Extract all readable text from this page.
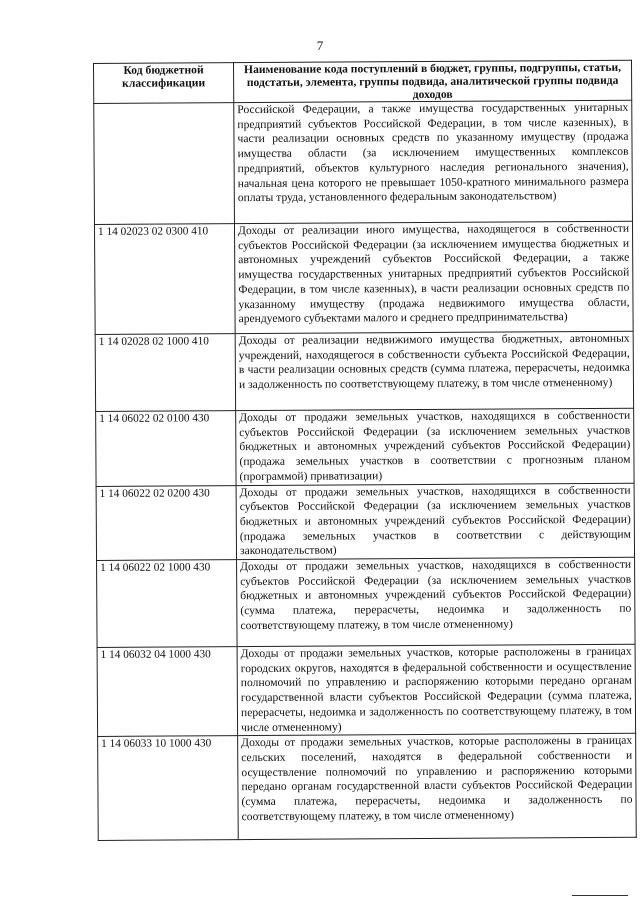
7
Код бюджетной классификации	Наименование кода поступлений в бюджет, группы, подгруппы, статьи, подстатьи, элемента, группы подвида, аналитической группы подвида доходов
	Российской Федерации, а также имущества государственных унитарных предприятий субъектов Российской Федерации, в том числе казенных), в части реализации основных средств по указанному имуществу (продажа имущества области (за исключением имущественных комплексов предприятий, объектов культурного наследия регионального значения), начальная цена которого не превышает 1050-кратного минимального размера оплаты труда, установленного федеральным законодательством)
1 14 02023 02 0300 410	Доходы от реализации иного имущества, находящегося в собственности субъектов Российской Федерации (за исключением имущества бюджетных и автономных учреждений субъектов Российской Федерации, а также имущества государственных унитарных предприятий субъектов Российской Федерации, в том числе казенных), в части реализации основных средств по указанному имуществу (продажа недвижимого имущества области, арендуемого субъектами малого и среднего предпринимательства)
1 14 02028 02 1000 410	Доходы от реализации недвижимого имущества бюджетных, автономных учреждений, находящегося в собственности субъекта Российской Федерации, в части реализации основных средств (сумма платежа, перерасчеты, недоимка и задолженность по соответствующему платежу, в том числе отмененному)
1 14 06022 02 0100 430	Доходы от продажи земельных участков, находящихся в собственности субъектов Российской Федерации (за исключением земельных участков бюджетных и автономных учреждений субъектов Российской Федерации) (продажа земельных участков в соответствии с прогнозным планом (программой) приватизации)
1 14 06022 02 0200 430	Доходы от продажи земельных участков, находящихся в собственности субъектов Российской Федерации (за исключением земельных участков бюджетных и автономных учреждений субъектов Российской Федерации) (продажа земельных участков в соответствии с действующим законодательством)
1 14 06022 02 1000 430	Доходы от продажи земельных участков, находящихся в собственности субъектов Российской Федерации (за исключением земельных участков бюджетных и автономных учреждений субъектов Российской Федерации) (сумма платежа, перерасчеты, недоимка и задолженность по соответствующему платежу, в том числе отмененному)
1 14 06032 04 1000 430	Доходы от продажи земельных участков, которые расположены в границах городских округов, находятся в федеральной собственности и осуществление полномочий по управлению и распоряжению которыми передано органам государственной власти субъектов Российской Федерации (сумма платежа, перерасчеты, недоимка и задолженность по соответствующему платежу, в том числе отмененному)
1 14 06033 10 1000 430	Доходы от продажи земельных участков, которые расположены в границах сельских поселений, находятся в федеральной собственности и осуществление полномочий по управлению и распоряжению которыми передано органам государственной власти субъектов Российской Федерации (сумма платежа, перерасчеты, недоимка и задолженность по соответствующему платежу, в том числе отмененному)
